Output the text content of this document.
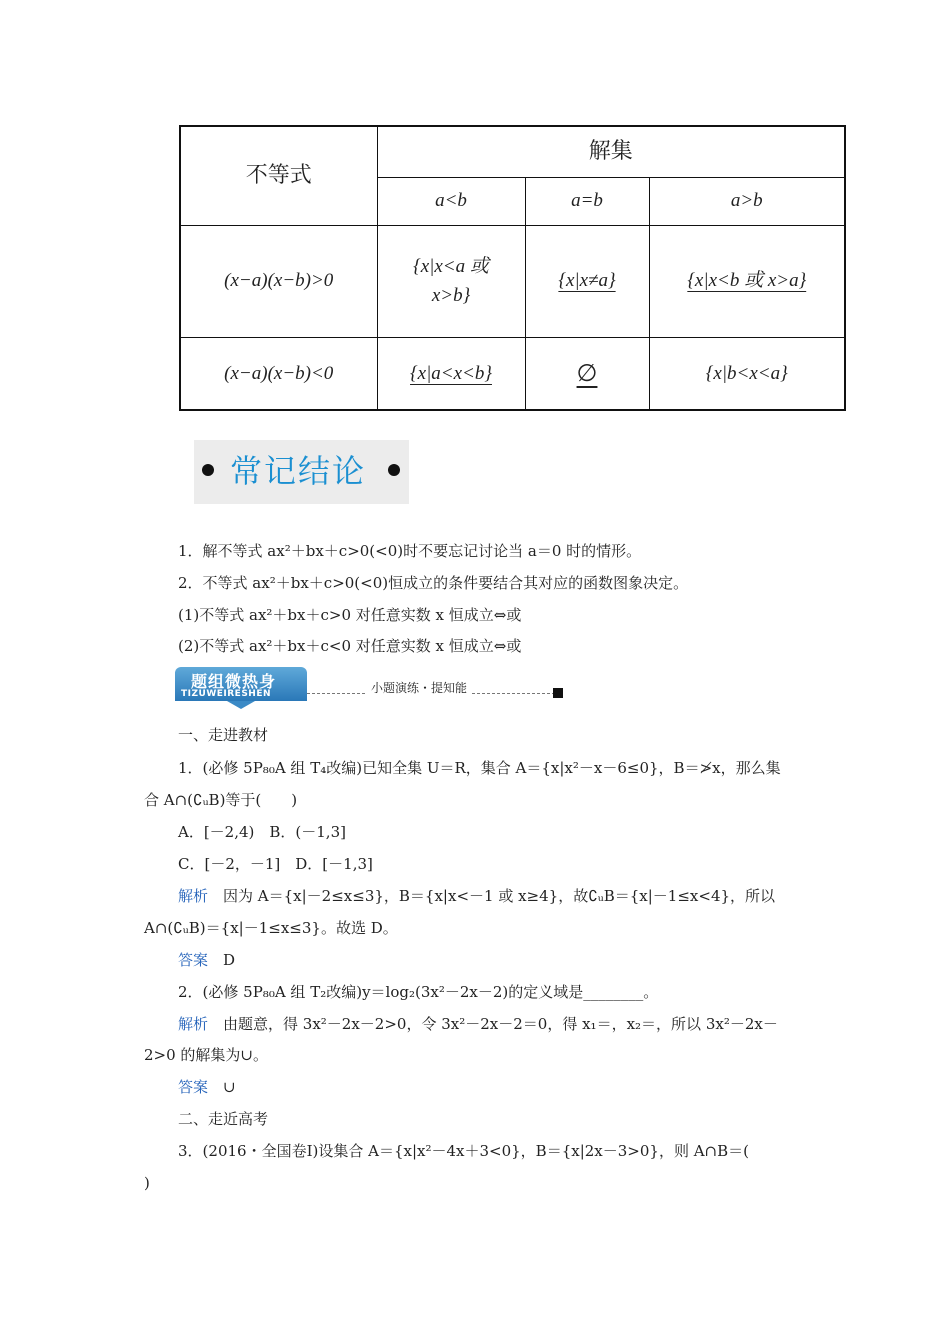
不等式	解集		
	a<b	a=b	a>b
(x−a)(x−b)>0	{x|x<a 或
x>b}	{x|x≠a}	{x|x<b 或 x>a}
(x−a)(x−b)<0	{x|a<x<b}	∅	{x|b<x<a}
常记结论
1．解不等式 ax²＋bx＋c>0(<0)时不要忘记讨论当 a＝0 时的情形。
2．不等式 ax²＋bx＋c>0(<0)恒成立的条件要结合其对应的函数图象决定。
(1)不等式 ax²＋bx＋c>0 对任意实数 x 恒成立⇔或
(2)不等式 ax²＋bx＋c<0 对任意实数 x 恒成立⇔或
题组微热身
TIZUWEIRESHEN	小题演练・提知能
一、走进教材
1．(必修 5P₈₀A 组 T₄改编)已知全集 U＝R，集合 A＝{x|x²－x－6≤0}，B＝≯x，那么集
合 A∩(∁ᵤB)等于(　　)
A．[－2,4)　B．(－1,3]
C．[－2，－1]　D．[－1,3]
解析　因为 A＝{x|－2≤x≤3}，B＝{x|x<－1 或 x≥4}，故∁ᵤB＝{x|－1≤x<4}，所以
A∩(∁ᵤB)＝{x|－1≤x≤3}。故选 D。
答案　D
2．(必修 5P₈₀A 组 T₂改编)y＝log₂(3x²－2x－2)的定义域是________。
解析　由题意，得 3x²－2x－2>0，令 3x²－2x－2＝0，得 x₁＝，x₂＝，所以 3x²－2x－
2>0 的解集为∪。
答案　∪
二、走近高考
3．(2016・全国卷Ⅰ)设集合 A＝{x|x²－4x＋3<0}，B＝{x|2x－3>0}，则 A∩B＝(
)
